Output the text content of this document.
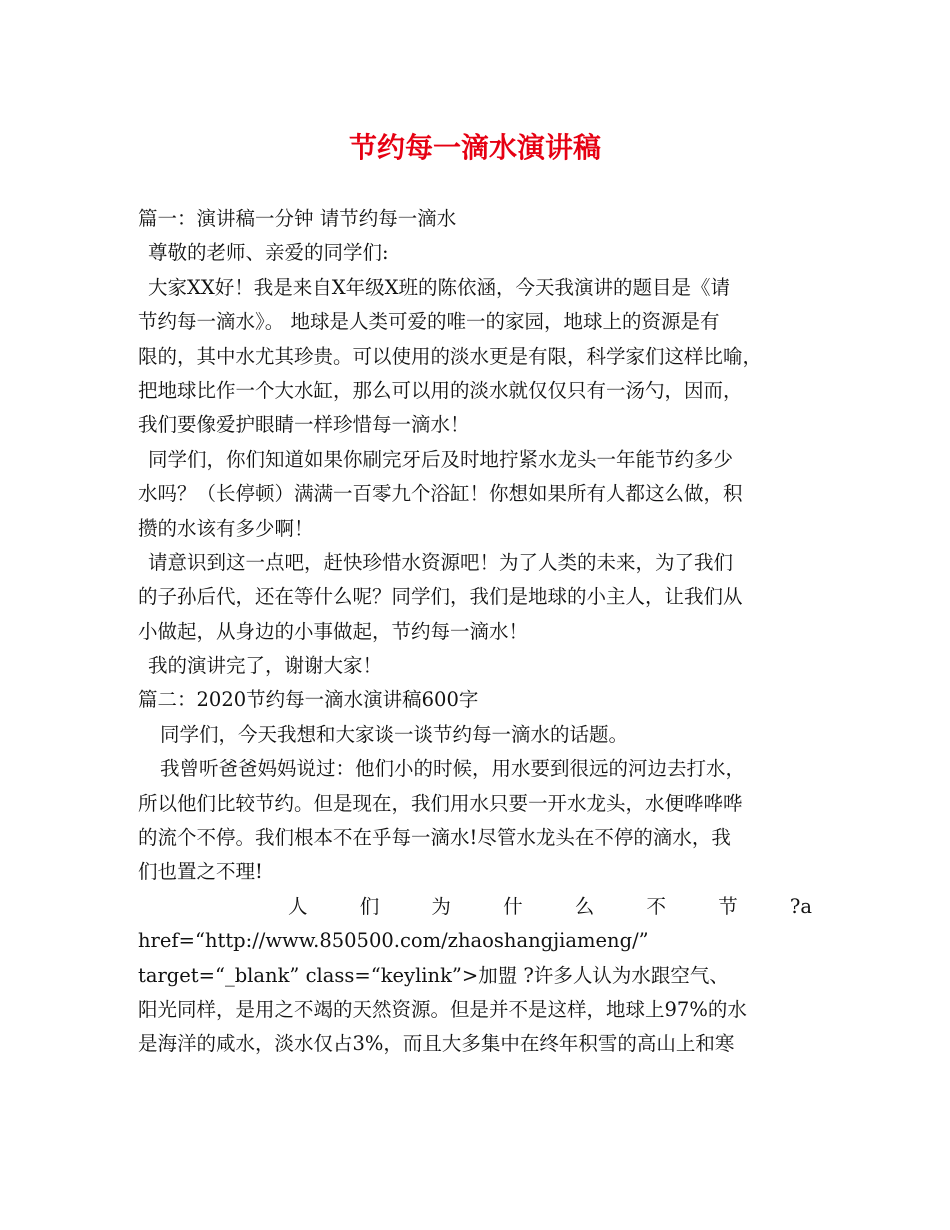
节约每一滴水演讲稿

篇一：演讲稿一分钟 请节约每一滴水

尊敬的老师、亲爱的同学们:

大家XX好！我是来自X年级X班的陈依涵，今天我演讲的题目是《请

节约每一滴水》。 地球是人类可爱的唯一的家园，地球上的资源是有

限的，其中水尤其珍贵。可以使用的淡水更是有限，科学家们这样比喻，

把地球比作一个大水缸，那么可以用的淡水就仅仅只有一汤勺，因而，

我们要像爱护眼睛一样珍惜每一滴水！

同学们，你们知道如果你刷完牙后及时地拧紧水龙头一年能节约多少

水吗？（长停顿）满满一百零九个浴缸！你想如果所有人都这么做，积

攒的水该有多少啊！

请意识到这一点吧，赶快珍惜水资源吧！为了人类的未来，为了我们

的子孙后代，还在等什么呢？同学们，我们是地球的小主人，让我们从

小做起，从身边的小事做起，节约每一滴水！

我的演讲完了，谢谢大家！

篇二：2020节约每一滴水演讲稿600字

同学们，今天我想和大家谈一谈节约每一滴水的话题。

我曾听爸爸妈妈说过：他们小的时候，用水要到很远的河边去打水，

所以他们比较节约。但是现在，我们用水只要一开水龙头，水便哗哗哗

的流个不停。我们根本不在乎每一滴水!尽管水龙头在不停的滴水，我

们也置之不理!

人 们 为 什 么 不 节 ?a

href=“http://www.850500.com/zhaoshangjiameng/”

target=“_blank” class=“keylink”>加盟 ?许多人认为水跟空气、

阳光同样，是用之不竭的天然资源。但是并不是这样，地球上97%的水

是海洋的咸水，淡水仅占3%，而且大多集中在终年积雪的高山上和寒
